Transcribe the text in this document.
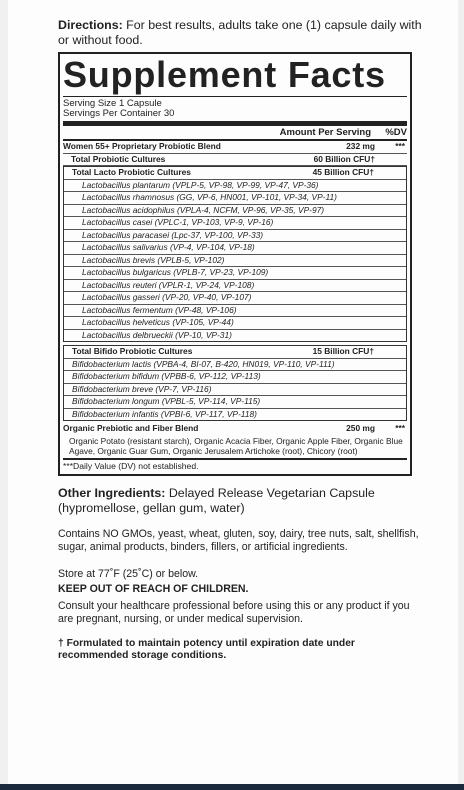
Directions: For best results, adults take one (1) capsule daily with or without food.
Supplement Facts
Serving Size 1 Capsule
Servings Per Container 30
Amount Per Serving	%DV
Women 55+ Proprietary Probiotic Blend	232 mg	***
Total Probiotic Cultures	60 Billion CFU†
Total Lacto Probiotic Cultures	45 Billion CFU†
Lactobacillus plantarum (VPLP-5, VP-98, VP-99, VP-47, VP-36)
Lactobacillus rhamnosus (GG, VP-6, HN001, VP-101, VP-34, VP-11)
Lactobacillus acidophilus (VPLA-4, NCFM, VP-96, VP-35, VP-97)
Lactobacillus casei (VPLC-1, VP-103, VP-9, VP-16)
Lactobacillus paracasei (Lpc-37, VP-100, VP-33)
Lactobacillus salivarius (VP-4, VP-104, VP-18)
Lactobacillus brevis (VPLB-5, VP-102)
Lactobacillus bulgaricus (VPLB-7, VP-23, VP-109)
Lactobacillus reuteri (VPLR-1, VP-24, VP-108)
Lactobacillus gasseri (VP-20, VP-40, VP-107)
Lactobacillus fermentum (VP-48, VP-106)
Lactobacillus helveticus (VP-105, VP-44)
Lactobacillus delbrueckii (VP-10, VP-31)
Total Bifido Probiotic Cultures	15 Billion CFU†
Bifidobacterium lactis (VPBA-4, BI-07, B-420, HN019, VP-110, VP-111)
Bifidobacterium bifidum (VPBB-6, VP-112, VP-113)
Bifidobacterium breve (VP-7, VP-116)
Bifidobacterium longum (VPBL-5, VP-114, VP-115)
Bifidobacterium infantis (VPBI-6, VP-117, VP-118)
Organic Prebiotic and Fiber Blend	250 mg	***
Organic Potato (resistant starch), Organic Acacia Fiber, Organic Apple Fiber, Organic Blue Agave, Organic Guar Gum, Organic Jerusalem Artichoke (root), Chicory (root)
***Daily Value (DV) not established.
Other Ingredients: Delayed Release Vegetarian Capsule (hypromellose, gellan gum, water)
Contains NO GMOs, yeast, wheat, gluten, soy, dairy, tree nuts, salt, shellfish, sugar, animal products, binders, fillers, or artificial ingredients.
Store at 77˚F (25˚C) or below.
KEEP OUT OF REACH OF CHILDREN.
Consult your healthcare professional before using this or any product if you are pregnant, nursing, or under medical supervision.
† Formulated to maintain potency until expiration date under recommended storage conditions.
